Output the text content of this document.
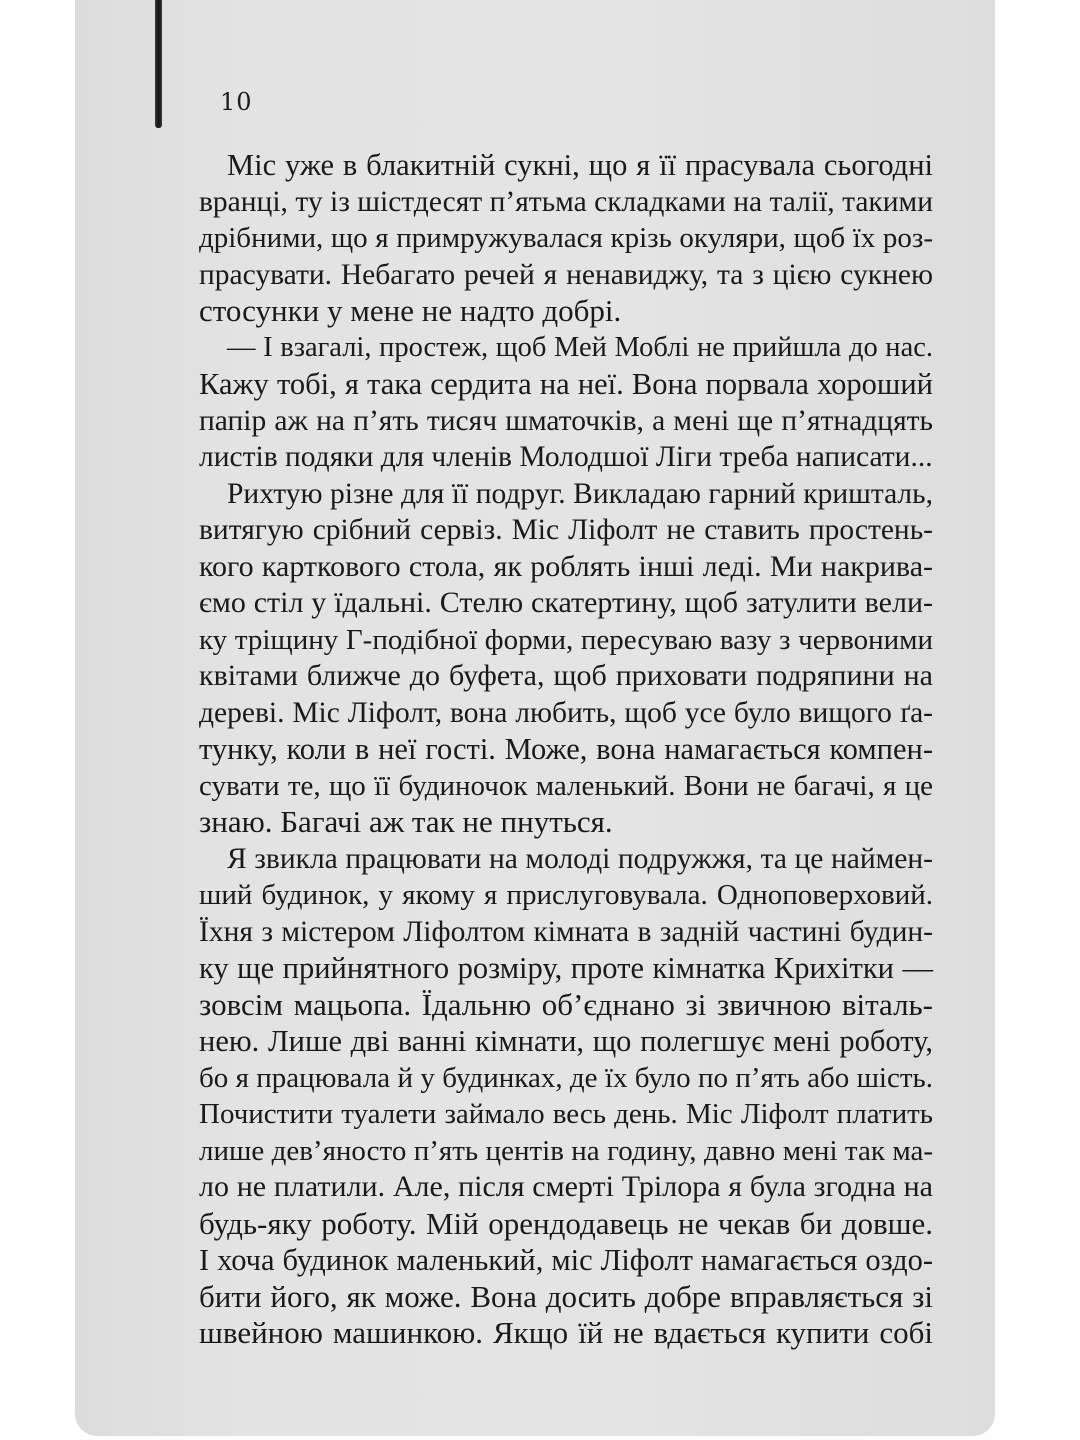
10
Міс уже в блакитній сукні, що я її прасувала сьогодні
вранці, ту із шістдесят п’ятьма складками на талії, такими
дрібними, що я примружувалася крізь окуляри, щоб їх роз-
прасувати. Небагато речей я ненавиджу, та з цією сукнею
стосунки у мене не надто добрі.
— І взагалі, простеж, щоб Мей Моблі не прийшла до нас.
Кажу тобі, я така сердита на неї. Вона порвала хороший
папір аж на п’ять тисяч шматочків, а мені ще п’ятнадцять
листів подяки для членів Молодшої Ліги треба написати...
Рихтую різне для її подруг. Викладаю гарний кришталь,
витягую срібний сервіз. Міс Ліфолт не ставить простень-
кого карткового стола, як роблять інші леді. Ми накрива-
ємо стіл у їдальні. Стелю скатертину, щоб затулити вели-
ку тріщину Г-подібної форми, пересуваю вазу з червоними
квітами ближче до буфета, щоб приховати подряпини на
дереві. Міс Ліфолт, вона любить, щоб усе було вищого ґа-
тунку, коли в неї гості. Може, вона намагається компен-
сувати те, що її будиночок маленький. Вони не багачі, я це
знаю. Багачі аж так не пнуться.
Я звикла працювати на молоді подружжя, та це наймен-
ший будинок, у якому я прислуговувала. Одноповерховий.
Їхня з містером Ліфолтом кімната в задній частині будин-
ку ще прийнятного розміру, проте кімнатка Крихітки —
зовсім мацьопа. Їдальню об’єднано зі звичною віталь-
нею. Лише дві ванні кімнати, що полегшує мені роботу,
бо я працювала й у будинках, де їх було по п’ять або шість.
Почистити туалети займало весь день. Міс Ліфолт платить
лише дев’яносто п’ять центів на годину, давно мені так ма-
ло не платили. Але, після смерті Трілора я була згодна на
будь-яку роботу. Мій орендодавець не чекав би довше.
І хоча будинок маленький, міс Ліфолт намагається оздо-
бити його, як може. Вона досить добре вправляється зі
швейною машинкою. Якщо їй не вдається купити собі
